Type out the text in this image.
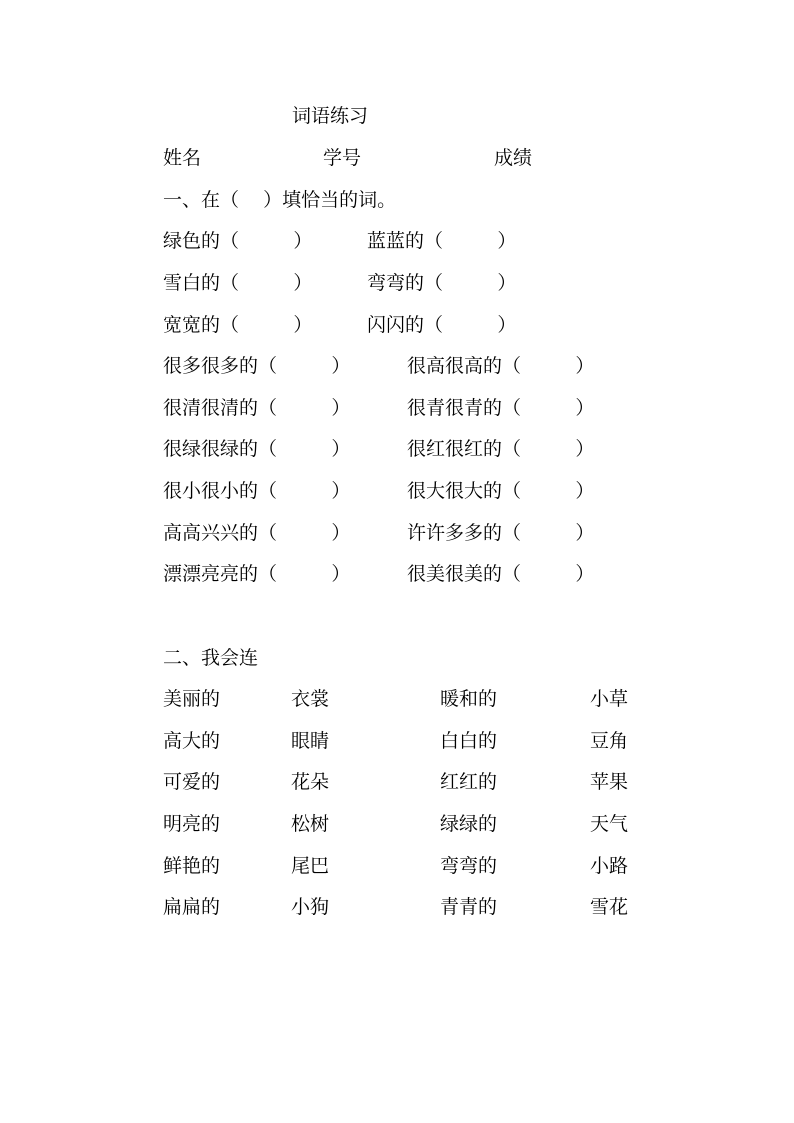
词语练习
姓名	学号	成绩
一、在（    ）填恰当的词。
绿色的（         ）	蓝蓝的（         ）
雪白的（         ）	弯弯的（         ）
宽宽的（         ）	闪闪的（         ）
很多很多的（         ）	很高很高的（         ）
很清很清的（         ）	很青很青的（         ）
很绿很绿的（         ）	很红很红的（         ）
很小很小的（         ）	很大很大的（         ）
高高兴兴的（         ）	许许多多的（         ）
漂漂亮亮的（         ）	很美很美的（         ）
二、我会连
美丽的	衣裳	暖和的	小草
高大的	眼睛	白白的	豆角
可爱的	花朵	红红的	苹果
明亮的	松树	绿绿的	天气
鲜艳的	尾巴	弯弯的	小路
扁扁的	小狗	青青的	雪花
